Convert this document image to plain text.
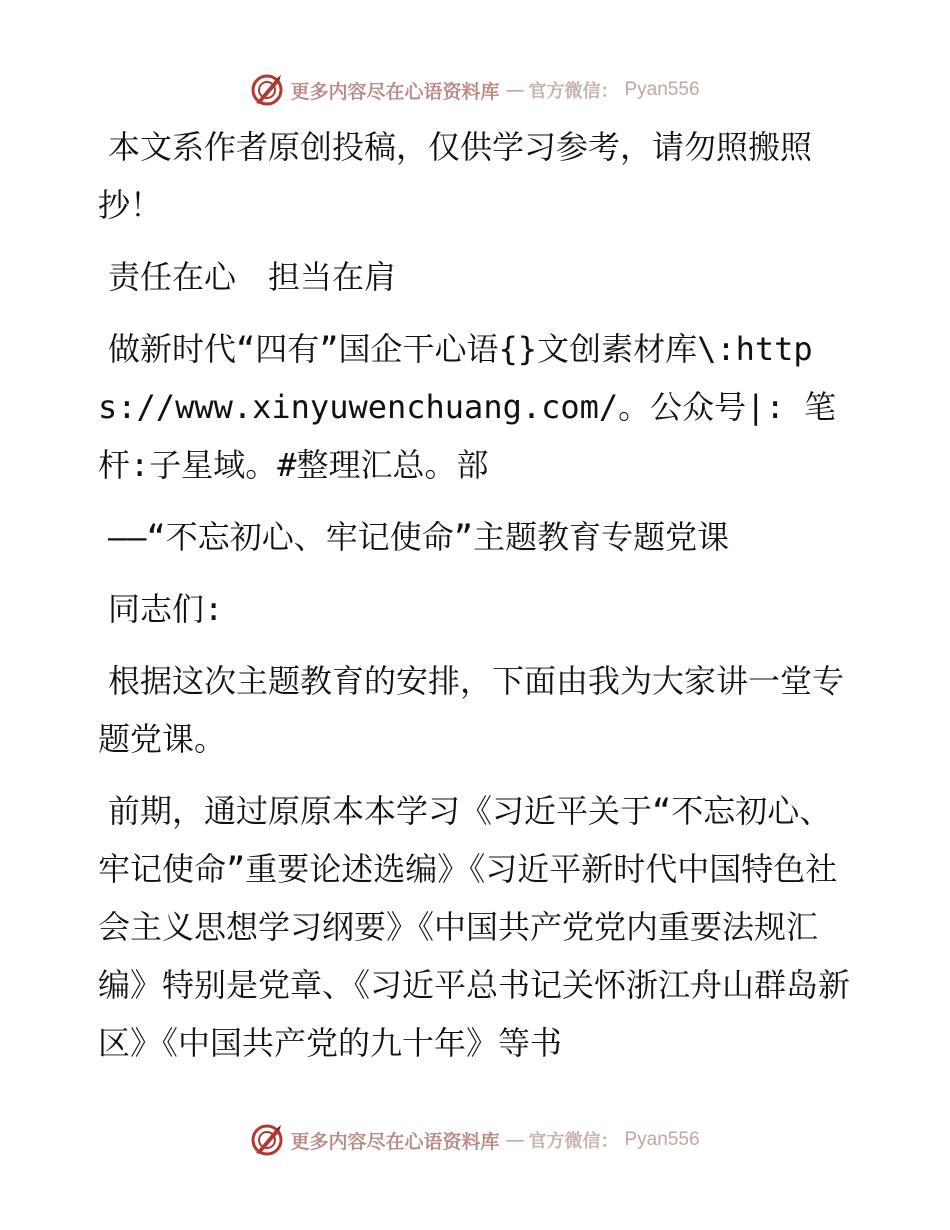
更多内容尽在心语资料库 — 官方微信： Pyan556

本文系作者原创投稿，仅供学习参考，请勿照搬照抄！

责任在心　担当在肩

做新时代“四有”国企干心语{}文创素材库\:https://www.xinyuwenchuang.com/。公众号|: 笔杆:子星域。#整理汇总。部

——“不忘初心、牢记使命”主题教育专题党课

同志们:

根据这次主题教育的安排，下面由我为大家讲一堂专题党课。

前期，通过原原本本学习《习近平关于“不忘初心、牢记使命”重要论述选编》《习近平新时代中国特色社会主义思想学习纲要》《中国共产党党内重要法规汇编》特别是党章、《习近平总书记关怀浙江舟山群岛新区》《中国共产党的九十年》等书

更多内容尽在心语资料库 — 官方微信： Pyan556
